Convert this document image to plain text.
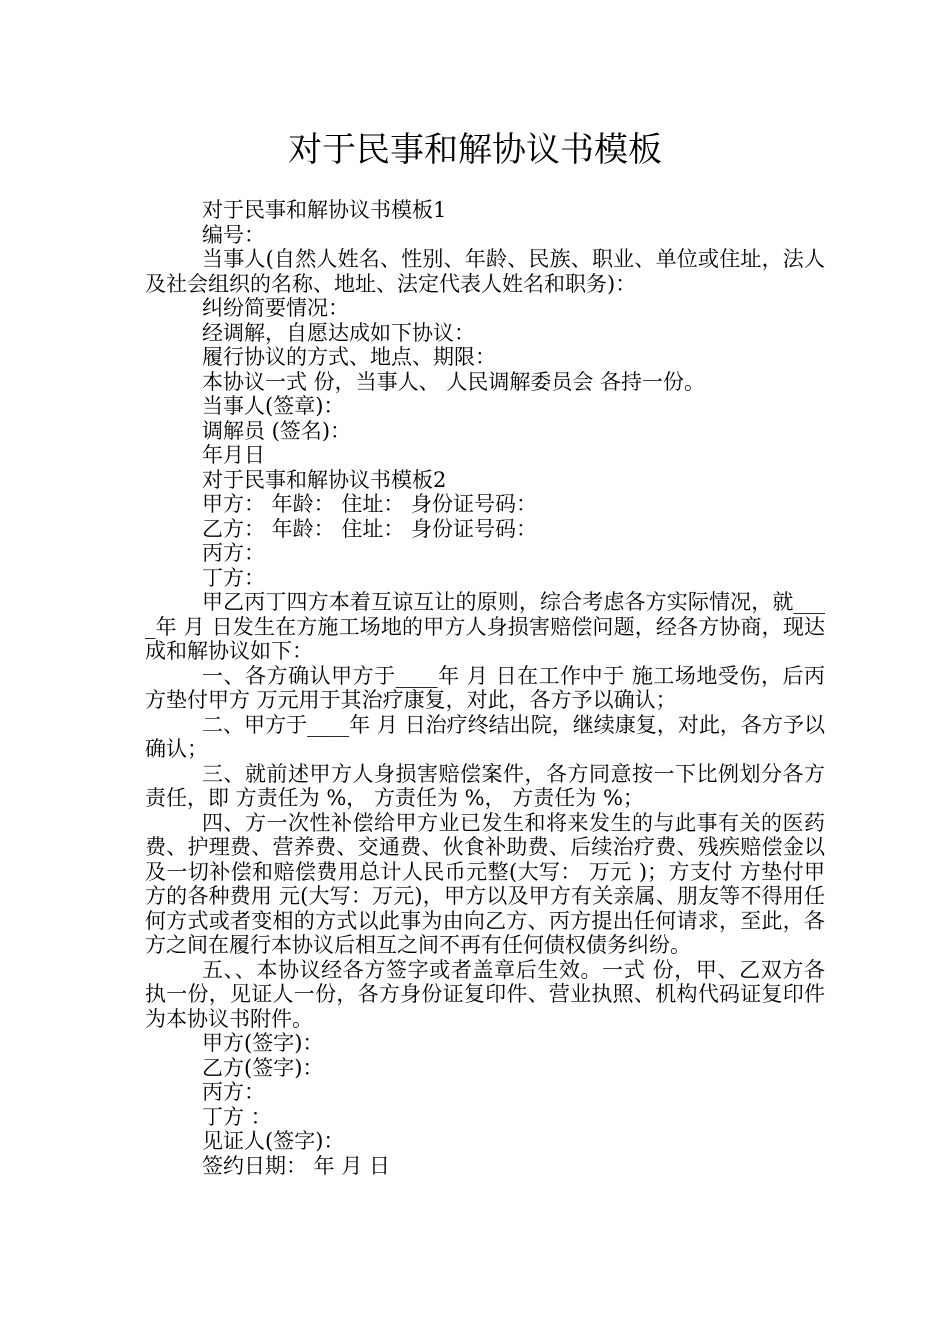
对于民事和解协议书模板

对于民事和解协议书模板1

编号：

当事人(自然人姓名、性别、年龄、民族、职业、单位或住址，法人及社会组织的名称、地址、法定代表人姓名和职务)：

纠纷简要情况：

经调解，自愿达成如下协议：

履行协议的方式、地点、期限：

本协议一式 份，当事人、 人民调解委员会 各持一份。

当事人(签章)：

调解员 (签名)：

年月日

对于民事和解协议书模板2

甲方： 年龄： 住址： 身份证号码：

乙方： 年龄： 住址： 身份证号码：

丙方：

丁方：

甲乙丙丁四方本着互谅互让的原则，综合考虑各方实际情况，就____年 月 日发生在方施工场地的甲方人身损害赔偿问题，经各方协商，现达成和解协议如下：

一、各方确认甲方于____年 月 日在工作中于 施工场地受伤，后丙方垫付甲方 万元用于其治疗康复，对此，各方予以确认；

二、甲方于____年 月 日治疗终结出院，继续康复，对此，各方予以确认；

三、就前述甲方人身损害赔偿案件，各方同意按一下比例划分各方责任，即 方责任为 %， 方责任为 %， 方责任为 %；

四、方一次性补偿给甲方业已发生和将来发生的与此事有关的医药费、护理费、营养费、交通费、伙食补助费、后续治疗费、残疾赔偿金以及一切补偿和赔偿费用总计人民币元整(大写： 万元 )；方支付 方垫付甲方的各种费用 元(大写：万元)，甲方以及甲方有关亲属、朋友等不得用任何方式或者变相的方式以此事为由向乙方、丙方提出任何请求，至此，各方之间在履行本协议后相互之间不再有任何债权债务纠纷。

五、、本协议经各方签字或者盖章后生效。一式 份，甲、乙双方各执一份，见证人一份，各方身份证复印件、营业执照、机构代码证复印件为本协议书附件。

甲方(签字)：

乙方(签字)：

丙方：

丁方 ：

见证人(签字)：

签约日期： 年 月 日
